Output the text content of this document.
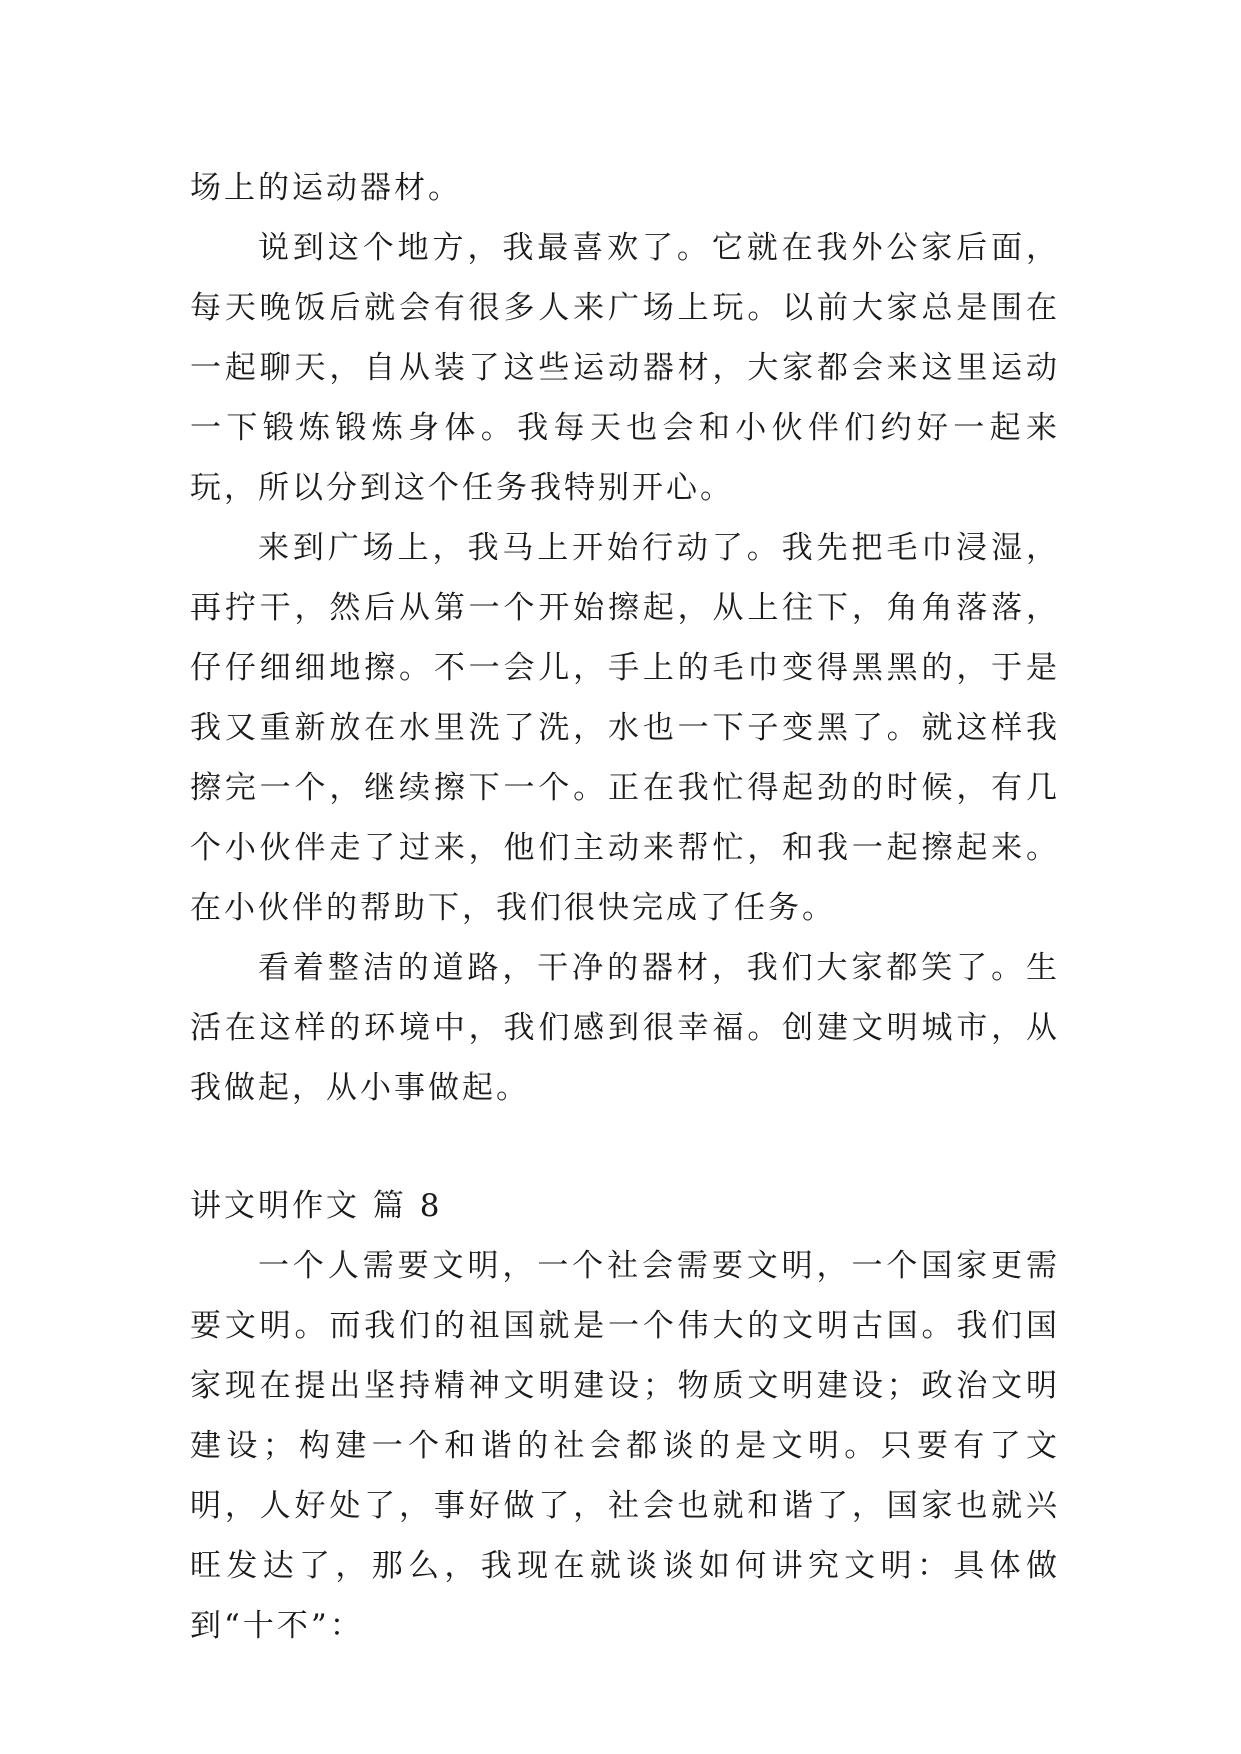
场上的运动器材。

说到这个地方，我最喜欢了。它就在我外公家后面，每天晚饭后就会有很多人来广场上玩。以前大家总是围在一起聊天，自从装了这些运动器材，大家都会来这里运动一下锻炼锻炼身体。我每天也会和小伙伴们约好一起来玩，所以分到这个任务我特别开心。

来到广场上，我马上开始行动了。我先把毛巾浸湿，再拧干，然后从第一个开始擦起，从上往下，角角落落，仔仔细细地擦。不一会儿，手上的毛巾变得黑黑的，于是我又重新放在水里洗了洗，水也一下子变黑了。就这样我擦完一个，继续擦下一个。正在我忙得起劲的时候，有几个小伙伴走了过来，他们主动来帮忙，和我一起擦起来。在小伙伴的帮助下，我们很快完成了任务。

看着整洁的道路，干净的器材，我们大家都笑了。生活在这样的环境中，我们感到很幸福。创建文明城市，从我做起，从小事做起。

讲文明作文 篇 8

一个人需要文明，一个社会需要文明，一个国家更需要文明。而我们的祖国就是一个伟大的文明古国。我们国家现在提出坚持精神文明建设；物质文明建设；政治文明建设；构建一个和谐的社会都谈的是文明。只要有了文明，人好处了，事好做了，社会也就和谐了，国家也就兴旺发达了，那么，我现在就谈谈如何讲究文明：具体做到“十不”：
